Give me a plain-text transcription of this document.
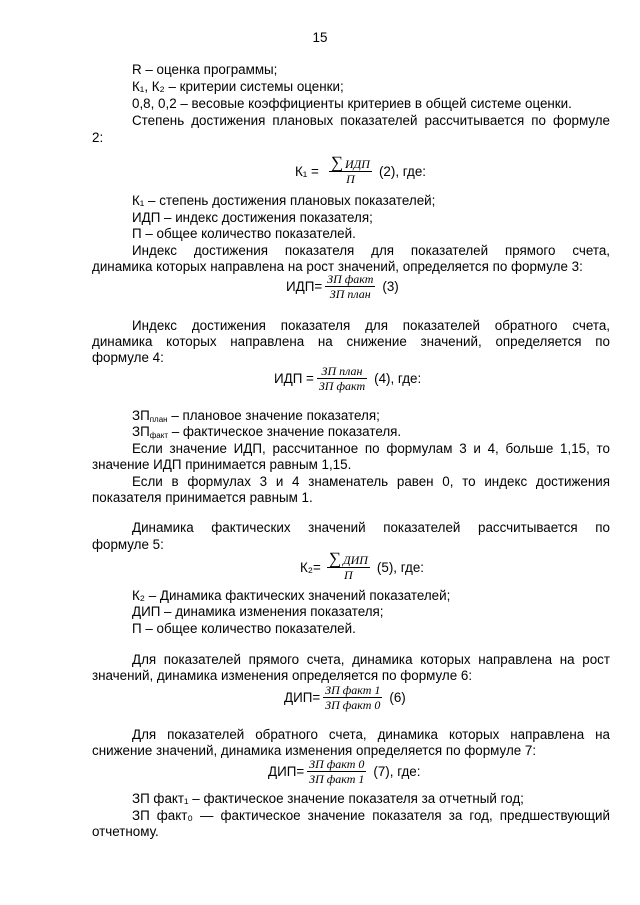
15
R – оценка программы;
К₁, К₂ – критерии системы оценки;
0,8, 0,2 – весовые коэффициенты критериев в общей системе оценки.
Степень достижения плановых показателей рассчитывается по формуле
2:
$К_1 = \frac{\text{∑ ИДП}}{П} (2)$, где:
К₁ – степень достижения плановых показателей;
ИДП – индекс достижения показателя;
П – общее количество показателей.
Индекс достижения показателя для показателей прямого счета,
динамика которых направлена на рост значений, определяется по формуле 3:
$ИДП= \frac{\text{ЗП факт}}{\text{ЗП план}} (3)$
Индекс достижения показателя для показателей обратного счета,
динамика которых направлена на снижение значений, определяется по
формуле 4:
ИДП = $\frac{\text{ЗП план}}{\text{ЗП факт}} (4)$, где:
ЗПплан – плановое значение показателя;
ЗПфакт – фактическое значение показателя.
Если значение ИДП, рассчитанное по формулам 3 и 4, больше 1,15, то
значение ИДП принимается равным 1,15.
Если в формулах 3 и 4 знаменатель равен 0, то индекс достижения
показателя принимается равным 1.
Динамика фактических значений показателей рассчитывается по
формуле 5:
$К_2= \frac{\text{∑ ДИП}}{П} (5)$, где:
К₂ – Динамика фактических значений показателей;
ДИП – динамика изменения показателя;
П – общее количество показателей.
Для показателей прямого счета, динамика которых направлена на рост
значений, динамика изменения определяется по формуле 6:
$ДИП= \frac{\text{ЗП факт 1}}{\text{ЗП факт 0}} (6)$
Для показателей обратного счета, динамика которых направлена на
снижение значений, динамика изменения определяется по формуле 7:
$ДИП= \frac{\text{ЗП факт 0}}{\text{ЗП факт 1}} (7)$, где:
ЗП факт₁ – фактическое значение показателя за отчетный год;
ЗП факт₀ — фактическое значение показателя за год, предшествующий
отчетному.
